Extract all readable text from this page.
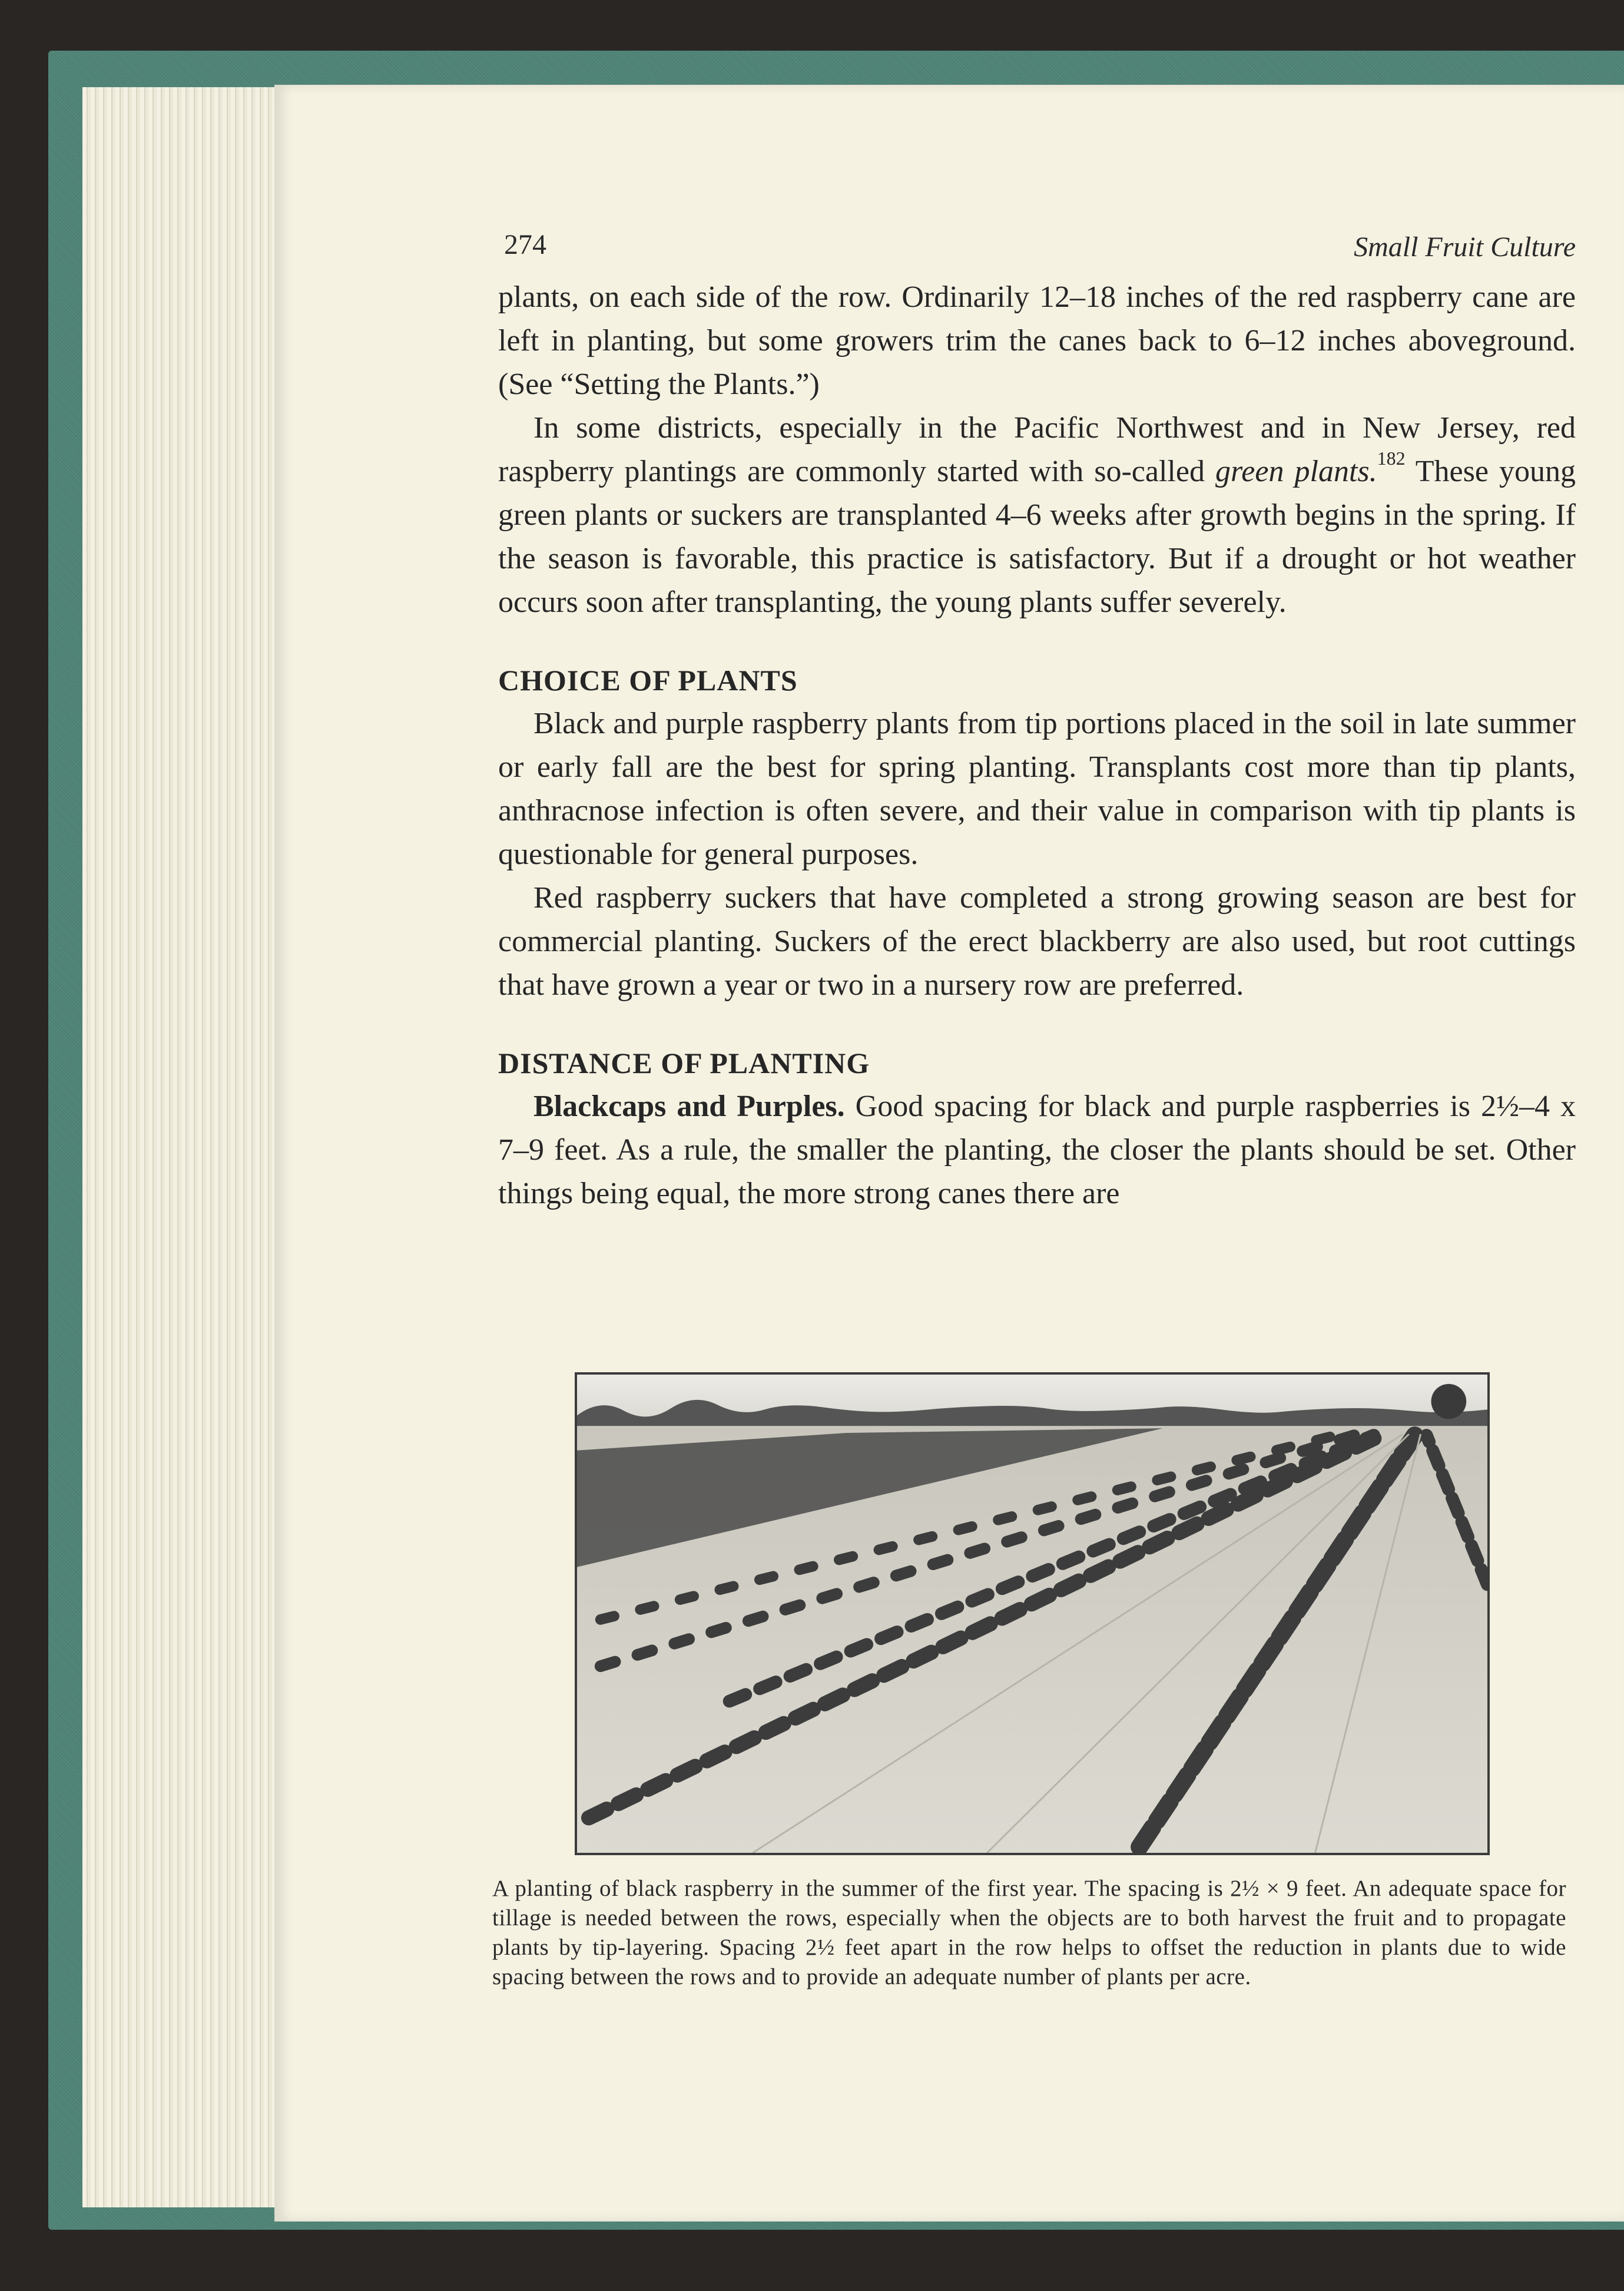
274	Small Fruit Culture

plants, on each side of the row. Ordinarily 12–18 inches of the red raspberry cane are left in planting, but some growers trim the canes back to 6–12 inches aboveground. (See “Setting the Plants.”)

In some districts, especially in the Pacific Northwest and in New Jersey, red raspberry plantings are commonly started with so-called green plants.$^{182}$ These young green plants or suckers are transplanted 4–6 weeks after growth begins in the spring. If the season is favorable, this practice is satisfactory. But if a drought or hot weather occurs soon after transplanting, the young plants suffer severely.

CHOICE OF PLANTS

Black and purple raspberry plants from tip portions placed in the soil in late summer or early fall are the best for spring planting. Transplants cost more than tip plants, anthracnose infection is often severe, and their value in comparison with tip plants is questionable for general purposes.

Red raspberry suckers that have completed a strong growing season are best for commercial planting. Suckers of the erect blackberry are also used, but root cuttings that have grown a year or two in a nursery row are preferred.

DISTANCE OF PLANTING

Blackcaps and Purples. Good spacing for black and purple raspberries is 2½–4 x 7–9 feet. As a rule, the smaller the planting, the closer the plants should be set. Other things being equal, the more strong canes there are

A planting of black raspberry in the summer of the first year. The spacing is 2½ × 9 feet. An adequate space for tillage is needed between the rows, especially when the objects are to both harvest the fruit and to propagate plants by tip-layering. Spacing 2½ feet apart in the row helps to offset the reduction in plants due to wide spacing between the rows and to provide an adequate number of plants per acre.
